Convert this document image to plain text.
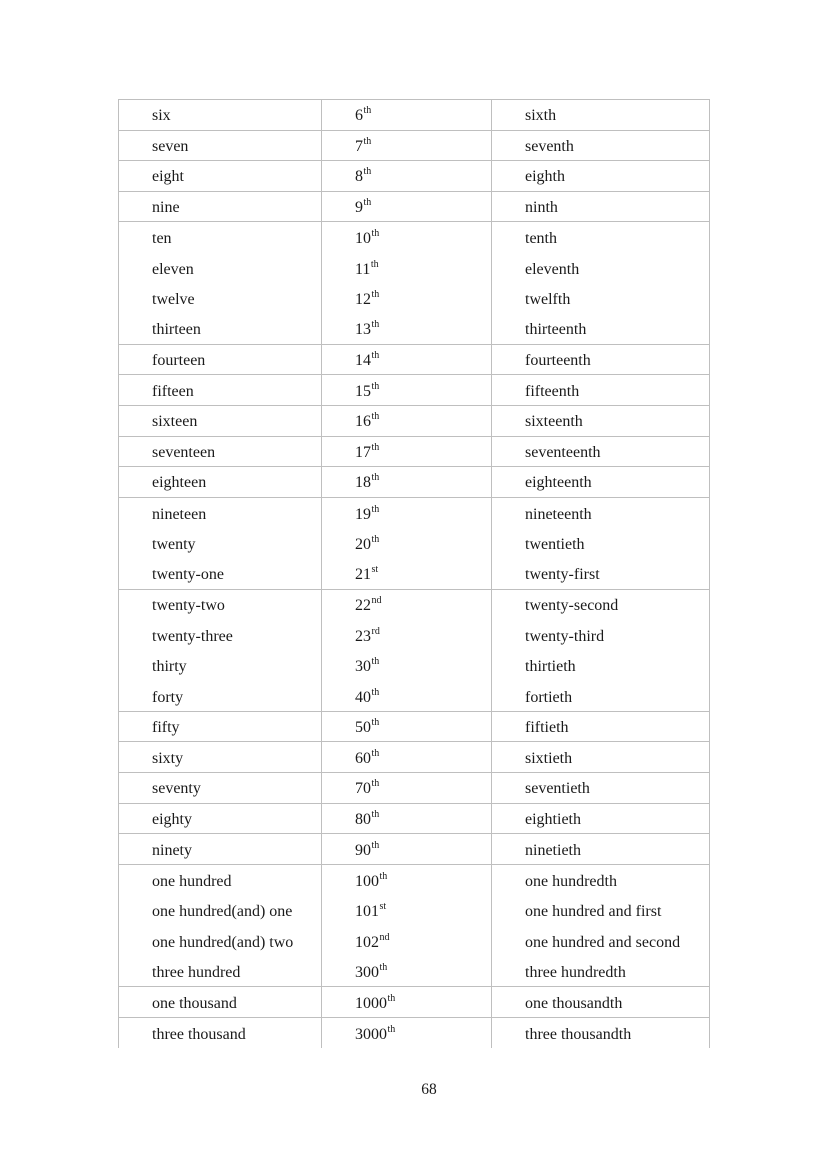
six	6 th	sixth
seven	7 th	seventh
eight	8 th	eighth
nine	9 th	ninth
ten	10 th	tenth
eleven	11 th	eleventh
twelve	12 th	twelfth
thirteen	13 th	thirteenth
fourteen	14 th	fourteenth
fifteen	15 th	fifteenth
sixteen	16 th	sixteenth
seventeen	17 th	seventeenth
eighteen	18 th	eighteenth
nineteen	19 th	nineteenth
twenty	20 th	twentieth
twenty-one	21 st	twenty-first
twenty-two	22 nd	twenty-second
twenty-three	23 rd	twenty-third
thirty	30 th	thirtieth
forty	40 th	fortieth
fifty	50 th	fiftieth
sixty	60 th	sixtieth
seventy	70 th	seventieth
eighty	80 th	eightieth
ninety	90 th	ninetieth
one hundred	100 th	one hundredth
one hundred(and) one	101 st	one hundred and first
one hundred(and) two	102 nd	one hundred and second
three hundred	300 th	three hundredth
one thousand	1000 th	one thousandth
three thousand	3000 th	three thousandth
68
